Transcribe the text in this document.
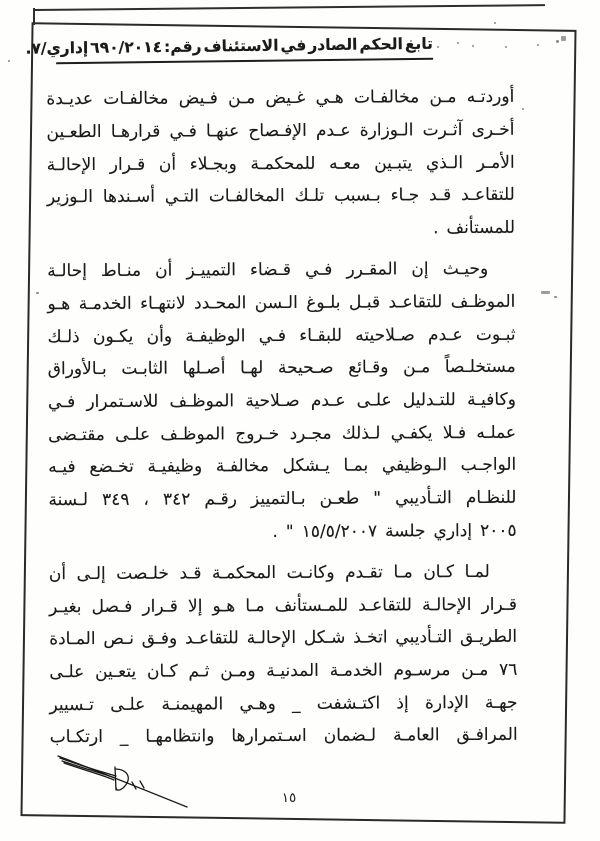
تابع
الحكم
الصادر
في
الاستئناف
رقم:
٦٩٠/٢٠١٤
إداري/٧.
أوردتـه
مـن
مخالفـات
هـي
غـيض
مـن
فـيض
مخالفـات
عديـدة
أخـرى
آثـرت
الـوزارة
عـدم
الإفـصاح
عنهـا
فـي
قرارهـا
الطعـين
الأمـر
الـذي
يتبـين
معـه
للمحكمـة
وبجـلاء
أن
قـرار
الإحالـة
للتقاعـد
قـد
جـاء
بـسبب
تلـك
المخالفـات
التـي
أسـندها
الـوزير
للمستأنف
.
وحيـث
إن
المقـرر
فـي
قـضاء
التمييـز
أن
منـاط
إحالـة
الموظـف
للتقاعـد
قبـل
بلـوغ
الـسن
المحـدد
لانتهـاء
الخدمـة
هـو
ثبـوت
عـدم
صـلاحيته
للبقـاء
فـي
الوظيفـة
وأن
يكـون
ذلـك
مستخلـصاً
مـن
وقـائع
صـحيحة
لهـا
أصـلها
الثابـت
بـالأوراق
وكافيـة
للتـدليل
علـى
عـدم
صـلاحية
الموظـف
للاسـتمرار
فـي
عملـه
فـلا
يكفـي
لـذلك
مجـرد
خـروج
الموظـف
علـى
مقتـضى
الواجـب
الـوظيفي
بمـا
يـشكل
مخالفـة
وظيفيـة
تخـضع
فيـه
للنظـام
التـأديبي
"
طعـن
بـالتمييز
رقـم
٣٤٢
،
٣٤٩
لـسنة
٢٠٠٥
إداري
جلسة
١٥/٥/٢٠٠٧
"
.
لمـا
كـان
مـا
تقـدم
وكانـت
المحكمـة
قـد
خلـصت
إلـى
أن
قـرار
الإحالـة
للتقاعـد
للمـستأنف
مـا
هـو
إلا
قـرار
فـصل
بغيـر
الطريـق
التـأديبي
اتخـذ
شـكل
الإحالـة
للتقاعـد
وفـق
نـص
المـادة
٧٦
مـن
مرسـوم
الخدمـة
المدنيـة
ومـن
ثـم
كـان
يتعـين
علـى
جهـة
الإدارة
إذ
اكتـشفت
_
وهـي
المهيمنـة
علـى
تـسيير
المرافـق
العامـة
لـضمان
اسـتمرارها
وانتظامهـا
_
ارتكـاب
١٥
